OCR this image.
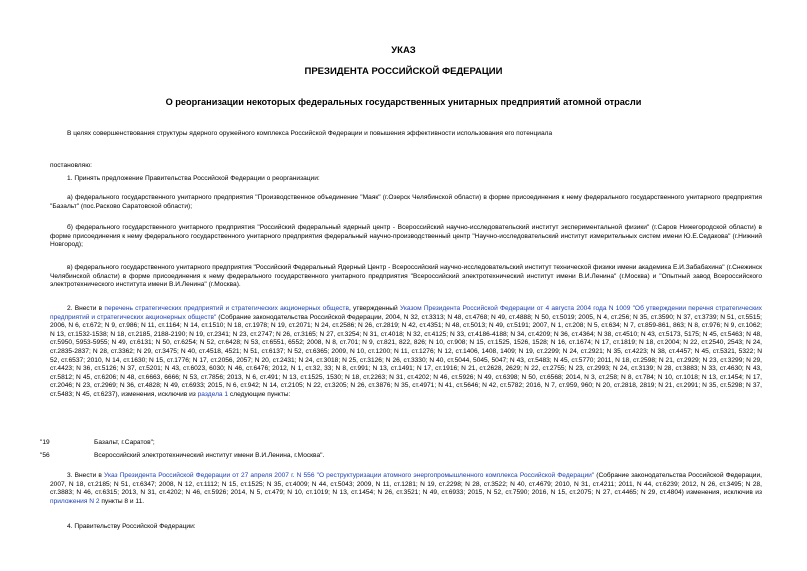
УКАЗ
ПРЕЗИДЕНТА РОССИЙСКОЙ ФЕДЕРАЦИИ
О реорганизации некоторых федеральных государственных унитарных предприятий атомной отрасли
В целях совершенствования структуры ядерного оружейного комплекса Российской Федерации и повышения эффективности использования его потенциала
постановляю:
1. Принять предложение Правительства Российской Федерации о реорганизации:
а) федерального государственного унитарного предприятия "Производственное объединение "Маяк" (г.Озерск Челябинской области) в форме присоединения к нему федерального государственного унитарного предприятия "Базальт" (пос.Расково Саратовской области);
б) федерального государственного унитарного предприятия "Российский федеральный ядерный центр - Всероссийский научно-исследовательский институт экспериментальной физики" (г.Саров Нижегородской области) в форме присоединения к нему федерального государственного унитарного предприятия федеральный научно-производственный центр "Научно-исследовательский институт измерительных систем имени Ю.Е.Седакова" (г.Нижний Новгород);
в) федерального государственного унитарного предприятия "Российский Федеральный Ядерный Центр - Всероссийский научно-исследовательский институт технической физики имени академика Е.И.Забабахина" (г.Снежинск Челябинской области) в форме присоединения к нему федерального государственного унитарного предприятия "Всероссийский электротехнический институт имени В.И.Ленина" (г.Москва) и "Опытный завод Всероссийского электротехнического института имени В.И.Ленина" (г.Москва).
2. Внести в перечень стратегических предприятий и стратегических акционерных обществ, утвержденный Указом Президента Российской Федерации от 4 августа 2004 года N 1009 "Об утверждении перечня стратегических предприятий и стратегических акционерных обществ" (Собрание законодательства Российской Федерации, 2004, N 32, ст.3313; N 48, ст.4768; N 49, ст.4888; N 50, ст.5019; 2005, N 4, ст.256; N 35, ст.3590; N 37, ст.3739; N 51, ст.5515; 2006, N 6, ст.672; N 9, ст.986; N 11, ст.1164; N 14, ст.1510; N 18, ст.1978; N 19, ст.2071; N 24, ст.2586; N 26, ст.2819; N 42, ст.4351; N 48, ст.5013; N 49, ст.5191; 2007, N 1, ст.208; N 5, ст.634; N 7, ст.859-861, 863; N 8, ст.976; N 9, ст.1062; N 13, ст.1532-1538; N 18, ст.2185, 2188-2190; N 19, ст.2341; N 23, ст.2747; N 26, ст.3165; N 27, ст.3254; N 31, ст.4018; N 32, ст.4125; N 33, ст.4186-4188; N 34, ст.4209; N 36, ст.4364; N 38, ст.4510; N 43, ст.5173, 5175; N 45, ст.5463; N 48, ст.5950, 5953-5955; N 49, ст.6131; N 50, ст.6254; N 52, ст.6428; N 53, ст.6551, 6552; 2008, N 8, ст.701; N 9, ст.821, 822, 826; N 10, ст.908; N 15, ст.1525, 1526, 1528; N 16, ст.1674; N 17, ст.1819; N 18, ст.2004; N 22, ст.2540, 2543; N 24, ст.2835-2837; N 28, ст.3362; N 29, ст.3475; N 40, ст.4518, 4521; N 51, ст.6137; N 52, ст.6365; 2009, N 10, ст.1200; N 11, ст.1276; N 12, ст.1406, 1408, 1409; N 19, ст.2299; N 24, ст.2921; N 35, ст.4223; N 38, ст.4457; N 45, ст.5321, 5322; N 52, ст.6537; 2010, N 14, ст.1630; N 15, ст.1776; N 17, ст.2056, 2057; N 20, ст.2431; N 24, ст.3018; N 25, ст.3126; N 26, ст.3330; N 40, ст.5044, 5045, 5047; N 43, ст.5483; N 45, ст.5770; 2011, N 18, ст.2598; N 21, ст.2929; N 23, ст.3299; N 29, ст.4423; N 36, ст.5126; N 37, ст.5201; N 43, ст.6023, 6030; N 46, ст.6476; 2012, N 1, ст.32, 33; N 8, ст.991; N 13, ст.1491; N 17, ст.1916; N 21, ст.2628, 2629; N 22, ст.2755; N 23, ст.2993; N 24, ст.3139; N 28, ст.3883; N 33, ст.4630; N 43, ст.5812; N 45, ст.6206; N 48, ст.6663, 6666; N 53, ст.7856; 2013, N 6, ст.491; N 13, ст.1525, 1530; N 18, ст.2263; N 31, ст.4202; N 46, ст.5926; N 49, ст.6398; N 50, ст.6568; 2014, N 3, ст.258; N 8, ст.784; N 10, ст.1018; N 13, ст.1454; N 17, ст.2046; N 23, ст.2969; N 36, ст.4828; N 49, ст.6933; 2015, N 6, ст.942; N 14, ст.2105; N 22, ст.3205; N 26, ст.3876; N 35, ст.4971; N 41, ст.5646; N 42, ст.5782; 2016, N 7, ст.959, 960; N 20, ст.2818, 2819; N 21, ст.2991; N 35, ст.5298; N 37, ст.5483; N 45, ст.6237), изменения, исключив из раздела 1 следующие пункты:
"19	Базальт, г.Саратов";
"56	Всероссийский электротехнический институт имени В.И.Ленина, г.Москва".
3. Внести в Указ Президента Российской Федерации от 27 апреля 2007 г. N 556 "О реструктуризации атомного энергопромышленного комплекса Российской Федерации" (Собрание законодательства Российской Федерации, 2007, N 18, ст.2185; N 51, ст.6347; 2008, N 12, ст.1112; N 15, ст.1525; N 35, ст.4009; N 44, ст.5043; 2009, N 11, ст.1281; N 19, ст.2298; N 28, ст.3522; N 40, ст.4679; 2010, N 31, ст.4211; 2011, N 44, ст.6239; 2012, N 26, ст.3495; N 28, ст.3883; N 46, ст.6315; 2013, N 31, ст.4202; N 46, ст.5926; 2014, N 5, ст.479; N 10, ст.1019; N 13, ст.1454; N 26, ст.3521; N 49, ст.6933; 2015, N 52, ст.7590; 2016, N 15, ст.2075; N 27, ст.4465; N 29, ст.4804) изменения, исключив из приложения N 2 пункты 8 и 11.
4. Правительству Российской Федерации:
